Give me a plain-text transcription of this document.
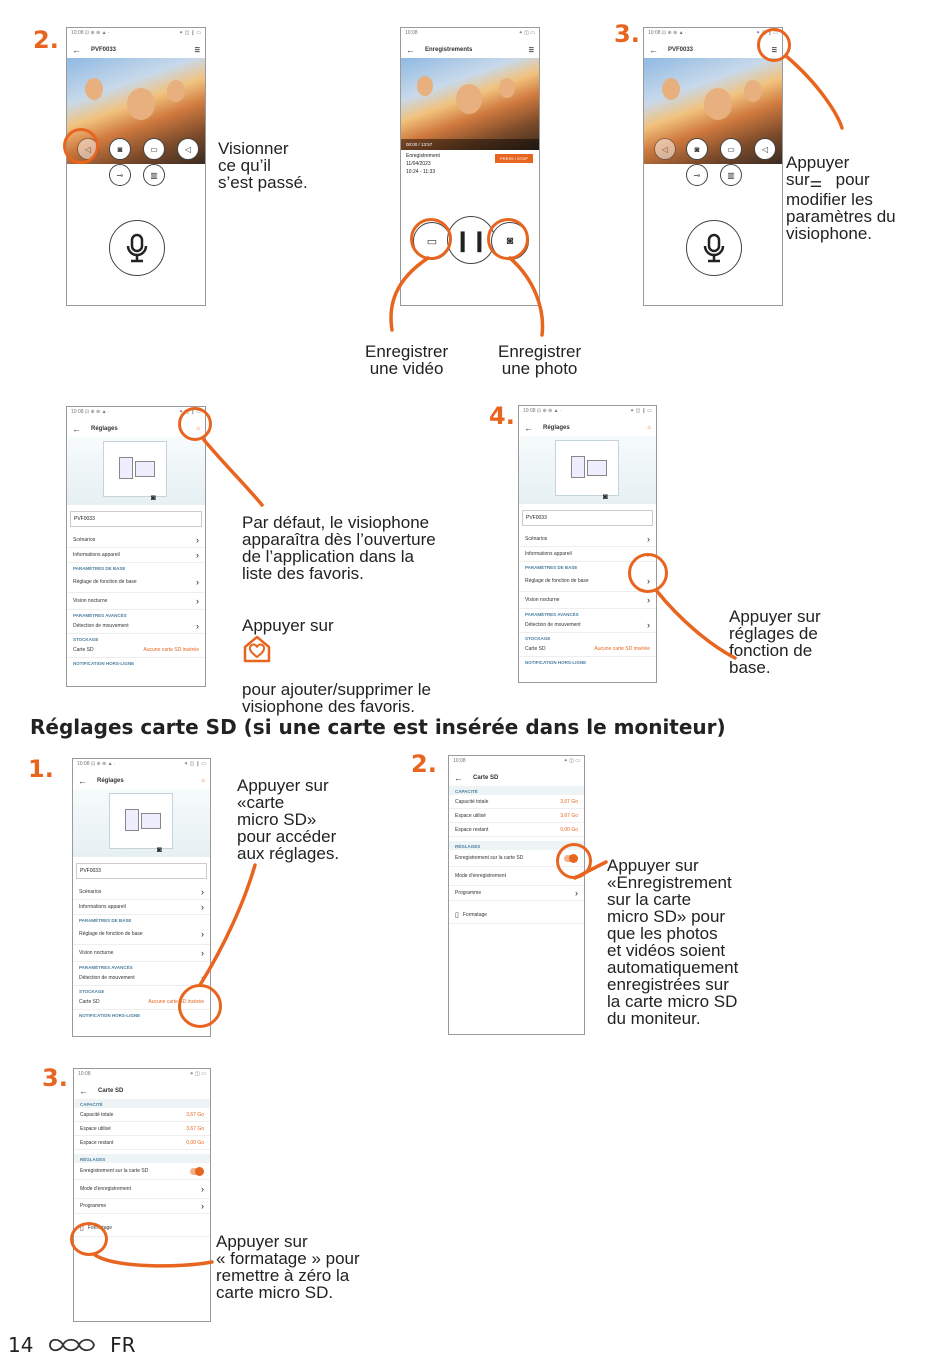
2.	3.
4.
1.	2.
3.
10:08 ⊡ ⊕ ⊕ ▲ ·	⁕ ◫ ❙ ▭
← PVF0033	☰
◁	◙	▭	◁
⊸	▥
Visionner
ce qu’il
s’est passé.
10:08	⁕ ◫ ▭
← Enregistrements	☰
00:00 / 13:57
Enregistrement
11/04/2023
10:24 - 11:33
PRESS / STOP
▭ ❙❙	◙
Enregistrer
une vidéo
Enregistrer
une photo
10:08 ⊡ ⊕ ⊕ ▲ ·	⁕ ◫ ❙ ▭
← PVF0033	☰
◁	◙	▭	◁
⊸	▥

Appuyer
sur⚌ pour
modifier les
paramètres du
visiophone.

10:08 ⊡ ⊕ ⊕ ▲ ·	⁕ ◫ ❙ ▭
← Réglages	⌂
◙
PVF0033
Scénarios	›
Informations appareil	›
PARAMÈTRES DE BASE
Réglage de fonction de base	›
Vision nocturne	›
PARAMÈTRES AVANCÉS
Détection de mouvement	›
STOCKAGE
Carte SD	Aucune carte SD insérée
NOTIFICATION HORS-LIGNE
Par défaut, le visiophone
apparaîtra dès l’ouverture
de l’application dans la
liste des favoris.

Appuyer sur

pour ajouter/supprimer le
visiophone des favoris.

10:08 ⊡ ⊕ ⊕ ▲ ·	⁕ ◫ ❙ ▭
← Réglages	⌂
◙
PVF0033
Scénarios	›
Informations appareil	›
PARAMÈTRES DE BASE
Réglage de fonction de base	›
Vision nocturne	›
PARAMÈTRES AVANCÉS
Détection de mouvement	›
STOCKAGE
Carte SD	Aucune carte SD insérée
NOTIFICATION HORS-LIGNE
Appuyer sur
réglages de
fonction de
base.
Réglages carte SD (si une carte est insérée dans le moniteur)
10:08 ⊡ ⊕ ⊕ ▲ ·	⁕ ◫ ❙ ▭
← Réglages	⌂
◙
PVF0033
Scénarios	›
Informations appareil	›
PARAMÈTRES DE BASE
Réglage de fonction de base	›
Vision nocturne	›
PARAMÈTRES AVANCÉS
Détection de mouvement	›
STOCKAGE
Carte SD	Aucune carte SD insérée
NOTIFICATION HORS-LIGNE
Appuyer sur
«carte
micro SD»
pour accéder
aux réglages.
10:08	⁕ ◫ ▭
← Carte SD
CAPACITÉ
Capacité totale	3,67 Go
Espace utilisé	3,67 Go
Espace restant	0,00 Go
RÉGLAGES
Enregistrement sur la carte SD
Mode d'enregistrement	›
Programme	›
▯ Formatage
Appuyer sur
«Enregistrement
sur la carte
micro SD» pour
que les photos
et vidéos soient
automatiquement
enregistrées sur
la carte micro SD
du moniteur.
10:08	⁕ ◫ ▭
← Carte SD
CAPACITÉ
Capacité totale	3,67 Go
Espace utilisé	3,67 Go
Espace restant	0,00 Go
RÉGLAGES
Enregistrement sur la carte SD
Mode d'enregistrement	›
Programme	›
▯ Formatage
Appuyer sur
« formatage » pour
remettre à zéro la
carte micro SD.
14	FR
